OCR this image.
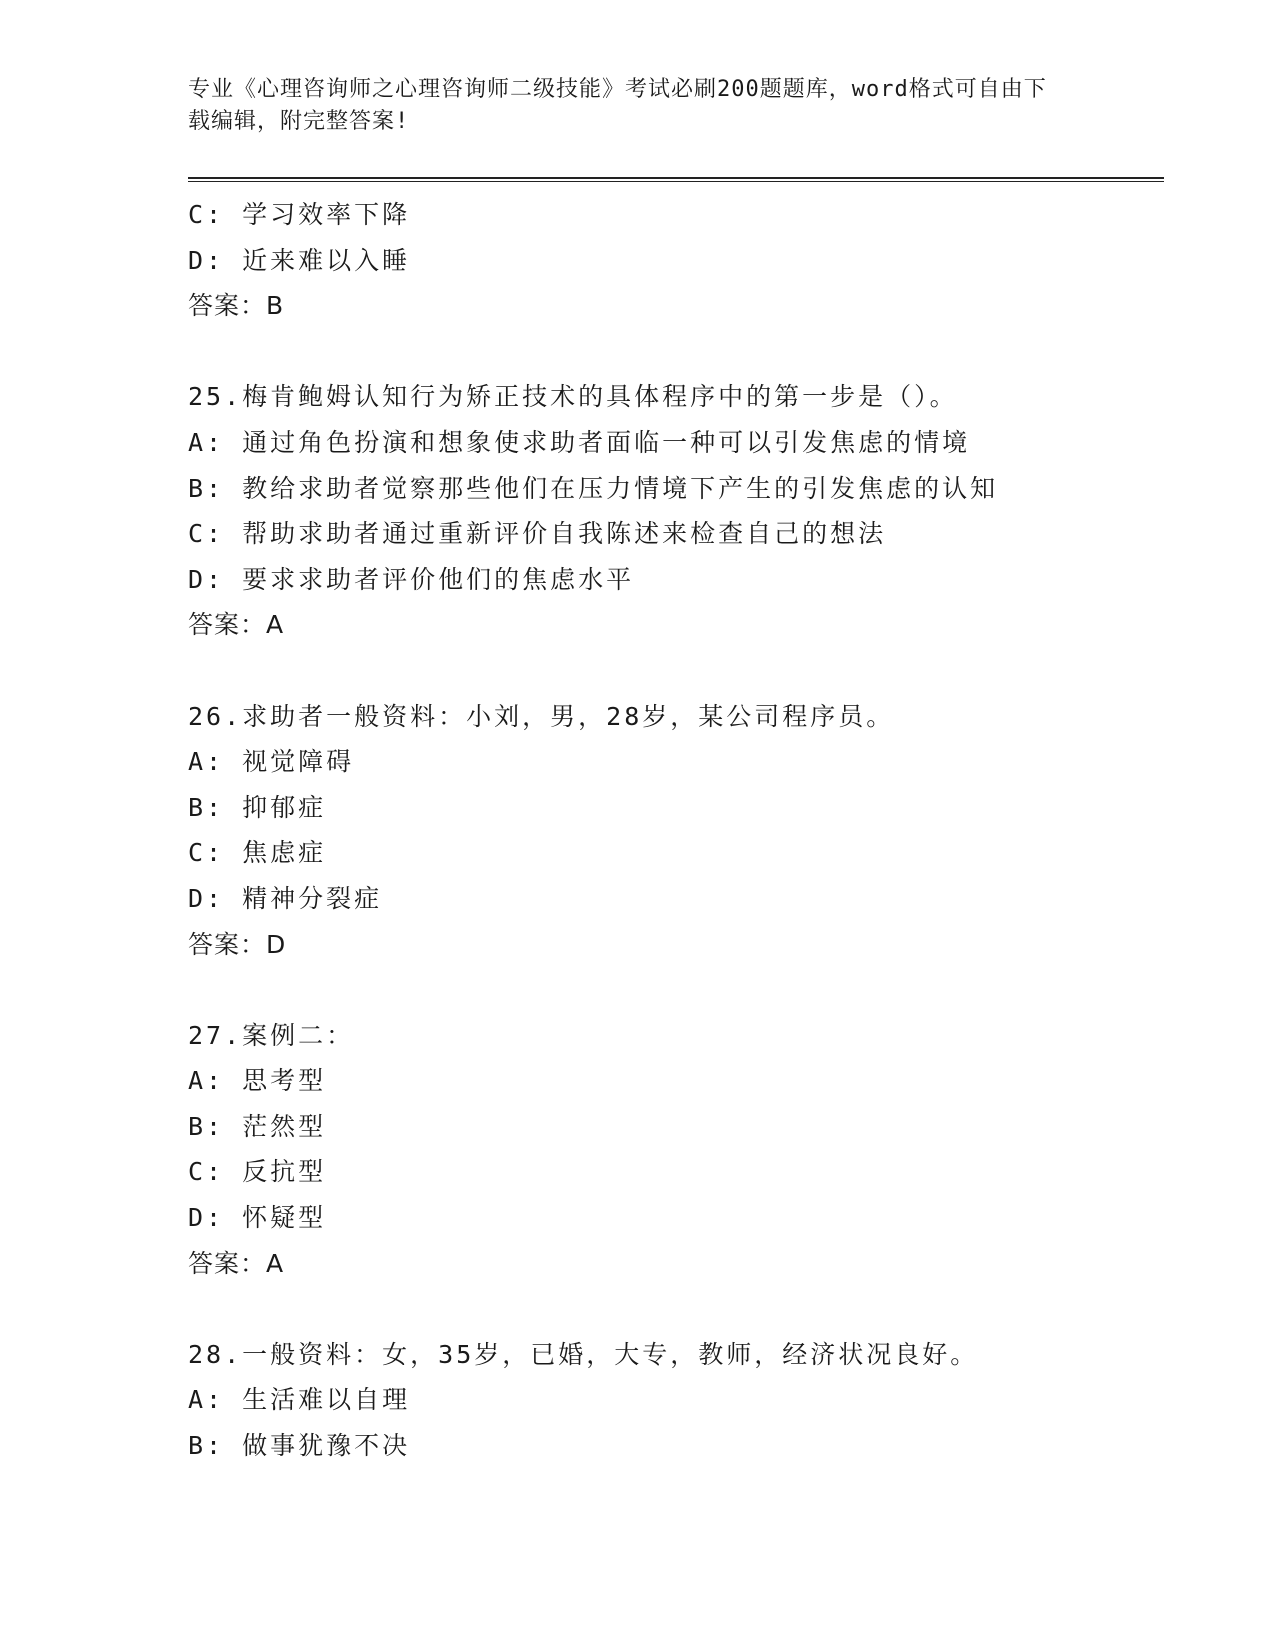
专业《心理咨询师之心理咨询师二级技能》考试必刷200题题库，word格式可自由下载编辑，附完整答案!
C: 学习效率下降
D: 近来难以入睡
答案：B
25.梅肯鲍姆认知行为矫正技术的具体程序中的第一步是（）。
A: 通过角色扮演和想象使求助者面临一种可以引发焦虑的情境
B: 教给求助者觉察那些他们在压力情境下产生的引发焦虑的认知
C: 帮助求助者通过重新评价自我陈述来检查自己的想法
D: 要求求助者评价他们的焦虑水平
答案：A
26.求助者一般资料：小刘，男，28岁，某公司程序员。
A: 视觉障碍
B: 抑郁症
C: 焦虑症
D: 精神分裂症
答案：D
27.案例二：
A: 思考型
B: 茫然型
C: 反抗型
D: 怀疑型
答案：A
28.一般资料：女，35岁，已婚，大专，教师，经济状况良好。
A: 生活难以自理
B: 做事犹豫不决
